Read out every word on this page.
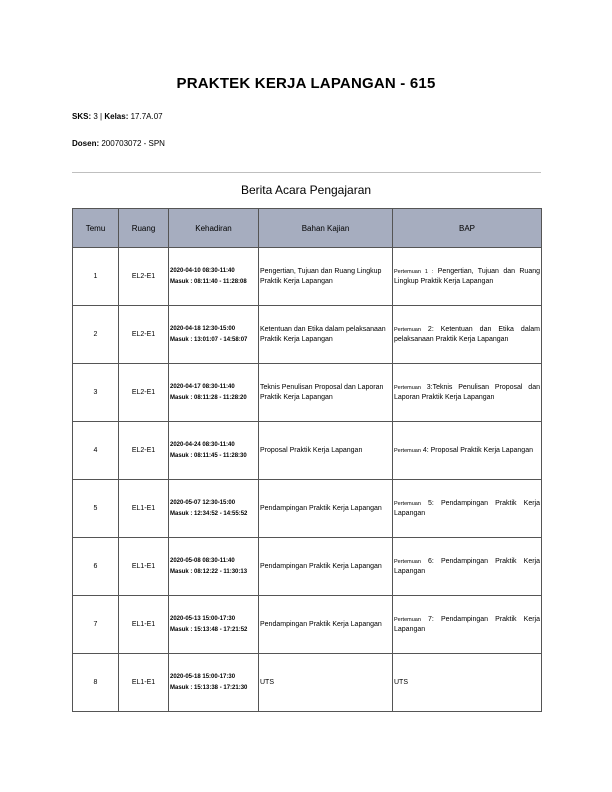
PRAKTEK KERJA LAPANGAN - 615
SKS: 3 | Kelas: 17.7A.07
Dosen: 200703072 - SPN
Berita Acara Pengajaran
Temu	Ruang	Kehadiran	Bahan Kajian	BAP
1	EL2-E1	2020-04-10 08:30-11:40
Masuk : 08:11:40 - 11:28:08	Pengertian, Tujuan dan Ruang Lingkup Praktik Kerja Lapangan	Pertemuan 1 : Pengertian, Tujuan dan Ruang Lingkup Praktik Kerja Lapangan
2	EL2-E1	2020-04-18 12:30-15:00
Masuk : 13:01:07 - 14:58:07	Ketentuan dan Etika dalam pelaksanaan Praktik Kerja Lapangan	Pertemuan 2: Ketentuan dan Etika dalam pelaksanaan Praktik Kerja Lapangan
3	EL2-E1	2020-04-17 08:30-11:40
Masuk : 08:11:28 - 11:28:20	Teknis Penulisan Proposal dan Laporan Praktik Kerja Lapangan	Pertemuan 3:Teknis Penulisan Proposal dan Laporan Praktik Kerja Lapangan
4	EL2-E1	2020-04-24 08:30-11:40
Masuk : 08:11:45 - 11:28:30	Proposal Praktik Kerja Lapangan	Pertemuan 4: Proposal Praktik Kerja Lapangan
5	EL1-E1	2020-05-07 12:30-15:00
Masuk : 12:34:52 - 14:55:52	Pendampingan Praktik Kerja Lapangan	Pertemuan 5: Pendampingan Praktik Kerja Lapangan
6	EL1-E1	2020-05-08 08:30-11:40
Masuk : 08:12:22 - 11:30:13	Pendampingan Praktik Kerja Lapangan	Pertemuan 6: Pendampingan Praktik Kerja Lapangan
7	EL1-E1	2020-05-13 15:00-17:30
Masuk : 15:13:48 - 17:21:52	Pendampingan Praktik Kerja Lapangan	Pertemuan 7: Pendampingan Praktik Kerja Lapangan
8	EL1-E1	2020-05-18 15:00-17:30
Masuk : 15:13:38 - 17:21:30	UTS	UTS
